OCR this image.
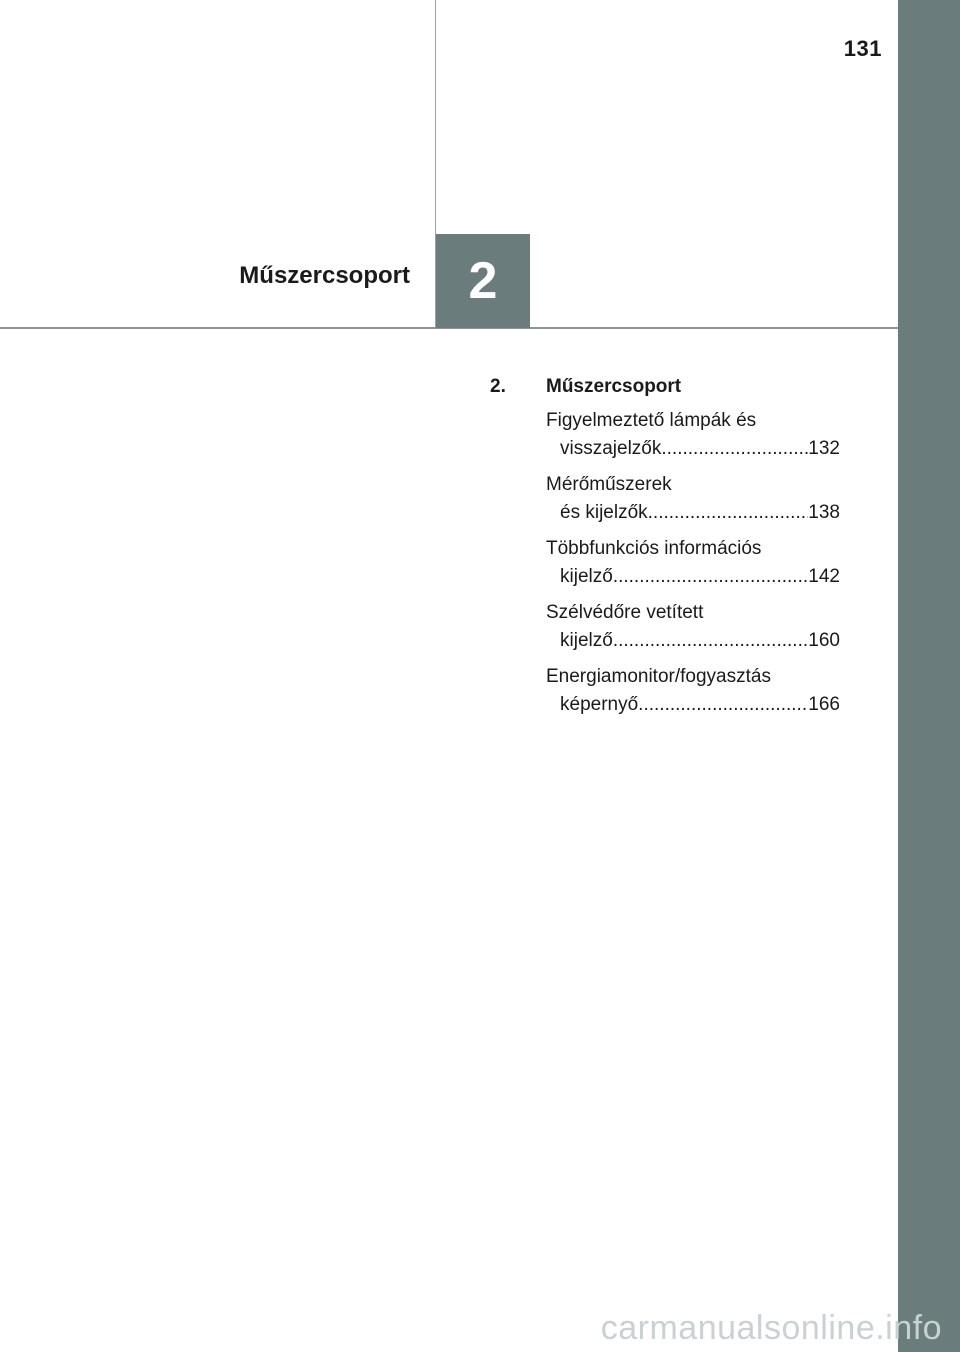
131
2
Műszercsoport
2.	Műszercsoport
Figyelmeztető lámpák és
visszajelzők .....	132
Mérőműszerek
és kijelzők .....	138
Többfunkciós információs
kijelző .....	142
Szélvédőre vetített
kijelző .....	160
Energiamonitor/fogyasztás
képernyő .....	166
carmanualsonline.info
